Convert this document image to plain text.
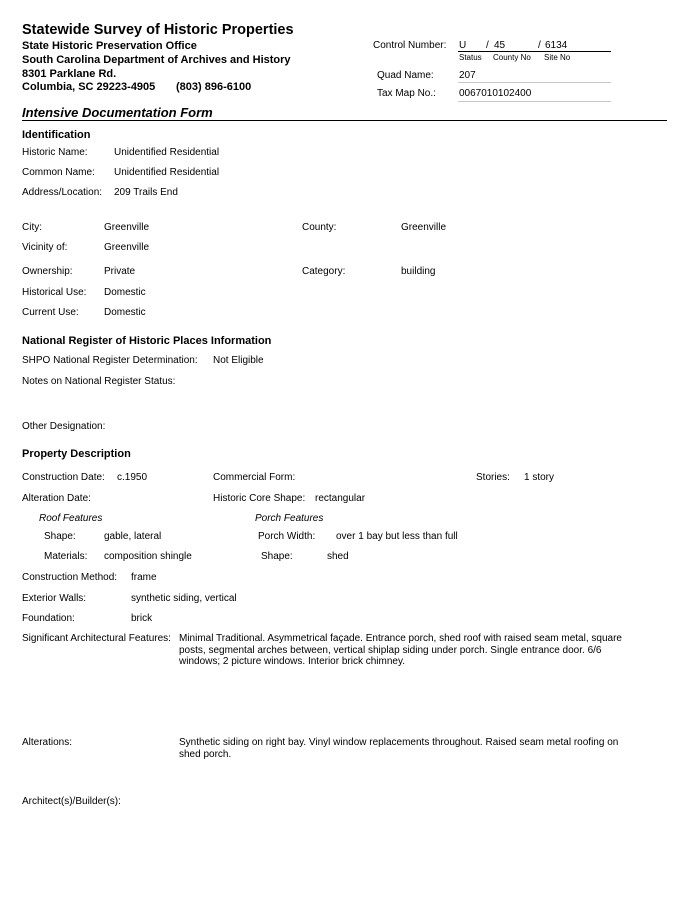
Statewide Survey of Historic Properties
State Historic Preservation Office
South Carolina Department of Archives and History
8301 Parklane Rd.
Columbia, SC 29223-4905 (803) 896-6100
Control Number: U / 45	/ 6134
Status County No Site No
Quad Name:	207
Tax Map No.: 0067010102400
Intensive Documentation Form
Identification
Historic Name:	Unidentified Residential
Common Name: Unidentified Residential
Address/Location: 209 Trails End
City:	Greenville	County:	Greenville
Vicinity of:	Greenville
Ownership:	Private	Category:	building
Historical Use: Domestic
Current Use:	Domestic
National Register of Historic Places Information
SHPO National Register Determination: Not Eligible
Notes on National Register Status:
Other Designation:
Property Description
Construction Date: c.1950	Commercial Form:	Stories: 1 story
Alteration Date:	Historic Core Shape: rectangular
Roof Features	Porch Features
Shape:	gable, lateral	Porch Width: over 1 bay but less than full
Materials: composition shingle	Shape:	shed
Construction Method: frame
Exterior Walls:	synthetic siding, vertical
Foundation:	brick
Significant Architectural Features: Minimal Traditional. Asymmetrical façade. Entrance porch, shed roof with raised seam metal, square posts, segmental arches between, vertical shiplap siding under porch. Single entrance door. 6/6 windows; 2 picture windows. Interior brick chimney.
Alterations:	Synthetic siding on right bay. Vinyl window replacements throughout. Raised seam metal roofing on shed porch.
Architect(s)/Builder(s):
